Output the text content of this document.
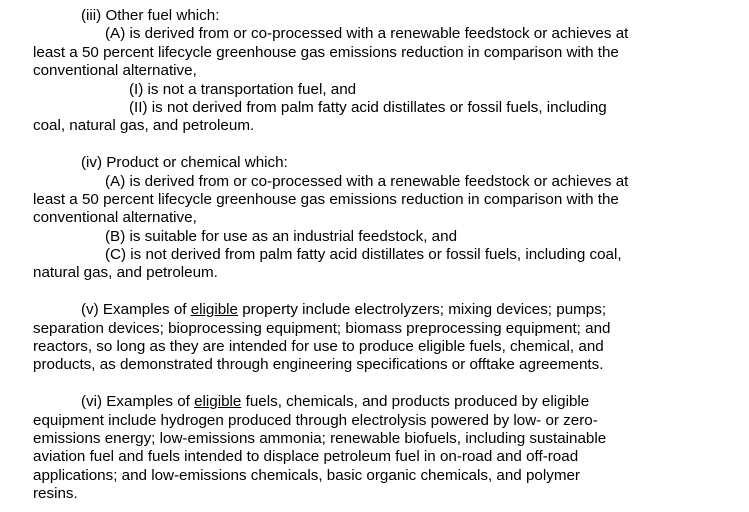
(iii) Other fuel which:
(A) is derived from or co-processed with a renewable feedstock or achieves at
least a 50 percent lifecycle greenhouse gas emissions reduction in comparison with the
conventional alternative,
(I) is not a transportation fuel, and
(II) is not derived from palm fatty acid distillates or fossil fuels, including
coal, natural gas, and petroleum.
(iv) Product or chemical which:
(A) is derived from or co-processed with a renewable feedstock or achieves at
least a 50 percent lifecycle greenhouse gas emissions reduction in comparison with the
conventional alternative,
(B) is suitable for use as an industrial feedstock, and
(C) is not derived from palm fatty acid distillates or fossil fuels, including coal,
natural gas, and petroleum.
(v) Examples of eligible property include electrolyzers; mixing devices; pumps;
separation devices; bioprocessing equipment; biomass preprocessing equipment; and
reactors, so long as they are intended for use to produce eligible fuels, chemical, and
products, as demonstrated through engineering specifications or offtake agreements.
(vi) Examples of eligible fuels, chemicals, and products produced by eligible
equipment include hydrogen produced through electrolysis powered by low- or zero-
emissions energy; low-emissions ammonia; renewable biofuels, including sustainable
aviation fuel and fuels intended to displace petroleum fuel in on-road and off-road
applications; and low-emissions chemicals, basic organic chemicals, and polymer
resins.
